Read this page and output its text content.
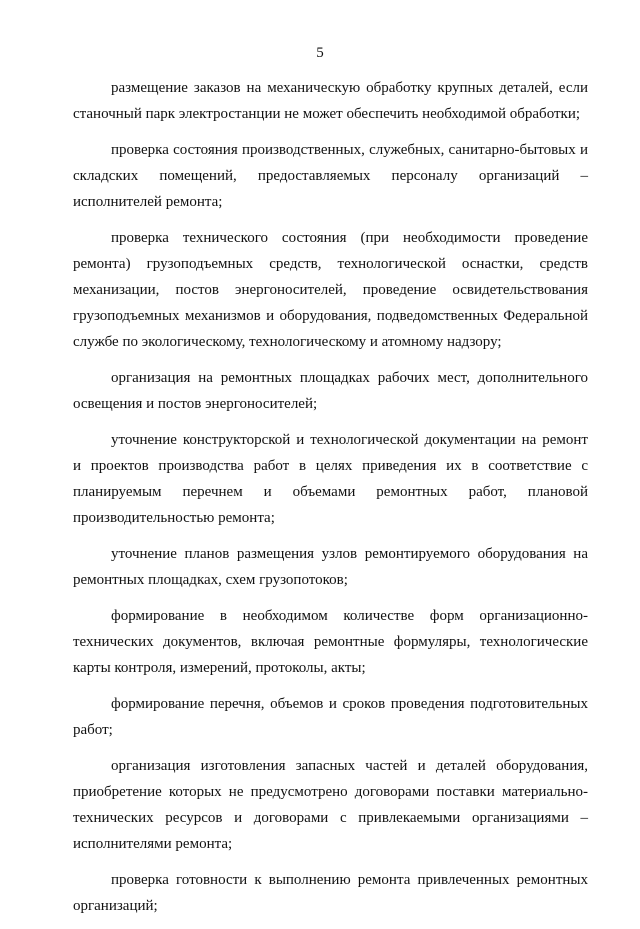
5

размещение заказов на механическую обработку крупных деталей, если
станочный парк электростанции не может обеспечить необходимой обработки;

проверка состояния производственных, служебных, санитарно-бытовых и
складских помещений, предоставляемых персоналу организаций –
исполнителей ремонта;

проверка технического состояния (при необходимости проведение
ремонта) грузоподъемных средств, технологической оснастки, средств
механизации, постов энергоносителей, проведение освидетельствования
грузоподъемных механизмов и оборудования, подведомственных Федеральной
службе по экологическому, технологическому и атомному надзору;

организация на ремонтных площадках рабочих мест, дополнительного
освещения и постов энергоносителей;

уточнение конструкторской и технологической документации на ремонт
и проектов производства работ в целях приведения их в соответствие с
планируемым перечнем и объемами ремонтных работ, плановой
производительностью ремонта;

уточнение планов размещения узлов ремонтируемого оборудования на
ремонтных площадках, схем грузопотоков;

формирование в необходимом количестве форм организационно-
технических документов, включая ремонтные формуляры, технологические
карты контроля, измерений, протоколы, акты;

формирование перечня, объемов и сроков проведения подготовительных
работ;

организация изготовления запасных частей и деталей оборудования,
приобретение которых не предусмотрено договорами поставки материально-
технических ресурсов и договорами с привлекаемыми организациями –
исполнителями ремонта;

проверка готовности к выполнению ремонта привлеченных ремонтных
организаций;
